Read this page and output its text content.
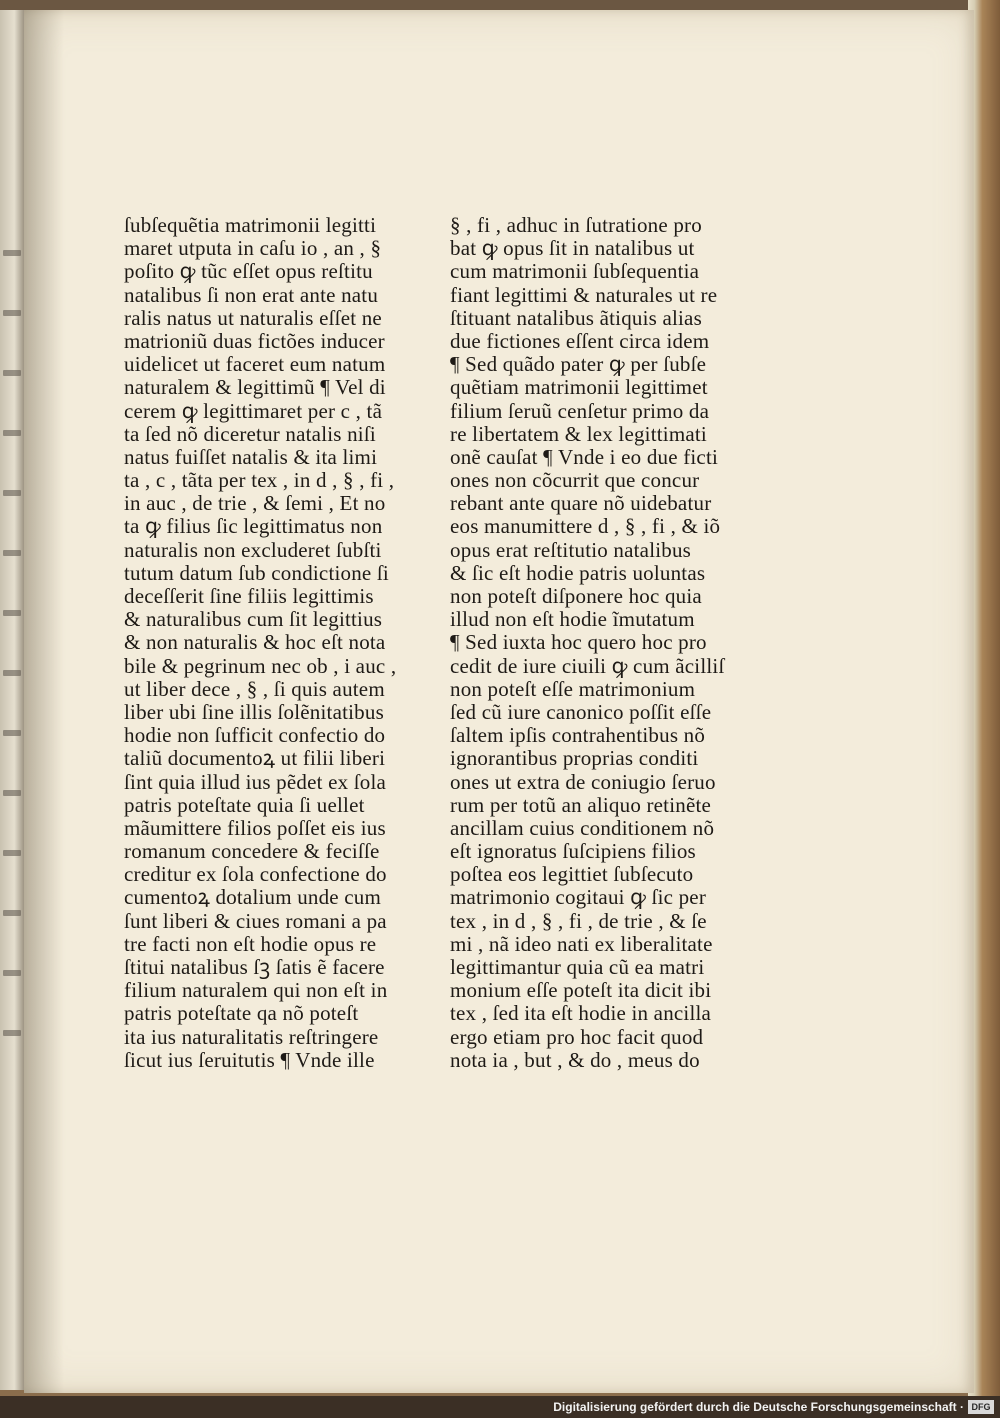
ſubſequẽtia matrimonii legitti
maret utputa in caſu io , an , §
poſito ꝙ tũc eſſet opus reſtitu
natalibus ſi non erat ante natu
ralis natus ut naturalis eſſet ne
matrioniũ duas fictões inducer
uidelicet ut faceret eum natum
naturalem & legittimũ ¶ Vel di
cerem ꝙ legittimaret per c , tã
ta ſed nõ diceretur natalis niſi
natus fuiſſet natalis & ita limi
ta , c , tãta per tex , in d , § , fi ,
in auc , de trie , & ſemi , Et no
ta ꝙ filius ſic legittimatus non
naturalis non excluderet ſubſti
tutum datum ſub condictione ſi
deceſſerit ſine filiis legittimis
& naturalibus cum ſit legittius
& non naturalis & hoc eſt nota
bile & pegrinum nec ob , i auc ,
ut liber dece , § , ſi quis autem
liber ubi ſine illis ſolẽnitatibus
hodie non ſufficit confectio do
taliũ documentoꝝ ut filii liberi
ſint quia illud ius pẽdet ex ſola
patris poteſtate quia ſi uellet
mãumittere filios poſſet eis ius
romanum concedere & feciſſe
creditur ex ſola confectione do
cumentoꝝ dotalium unde cum
ſunt liberi & ciues romani a pa
tre facti non eſt hodie opus re
ſtitui natalibus ſꝫ ſatis ẽ facere
filium naturalem qui non eſt in
patris poteſtate qa nõ poteſt
ita ius naturalitatis reſtringere
ſicut ius ſeruitutis ¶ Vnde ille
§ , fi , adhuc in ſutratione pro
bat ꝙ opus ſit in natalibus ut
cum matrimonii ſubſequentia
fiant legittimi & naturales ut re
ſtituant natalibus ãtiquis alias
due fictiones eſſent circa idem
¶ Sed quãdo pater ꝙ per ſubſe
quẽtiam matrimonii legittimet
filium ſeruũ cenſetur primo da
re libertatem & lex legittimati
onẽ cauſat ¶ Vnde i eo due ficti
ones non cõcurrit que concur
rebant ante quare nõ uidebatur
eos manumittere d , § , fi , & iõ
opus erat reſtitutio natalibus
& ſic eſt hodie patris uoluntas
non poteſt diſponere hoc quia
illud non eſt hodie ĩmutatum
¶ Sed iuxta hoc quero hoc pro
cedit de iure ciuili ꝙ cum ãcilliſ
non poteſt eſſe matrimonium
ſed cũ iure canonico poſſit eſſe
ſaltem ipſis contrahentibus nõ
ignorantibus proprias conditi
ones ut extra de coniugio ſeruo
rum per totũ an aliquo retinẽte
ancillam cuius conditionem nõ
eſt ignoratus ſuſcipiens filios
poſtea eos legittiet ſubſecuto
matrimonio cogitaui ꝙ ſic per
tex , in d , § , fi , de trie , & ſe
mi , nã ideo nati ex liberalitate
legittimantur quia cũ ea matri
monium eſſe poteſt ita dicit ibi
tex , ſed ita eſt hodie in ancilla
ergo etiam pro hoc facit quod
nota ia , but , & do , meus do
Digitalisierung gefördert durch die Deutsche Forschungsgemeinschaft · DFG
